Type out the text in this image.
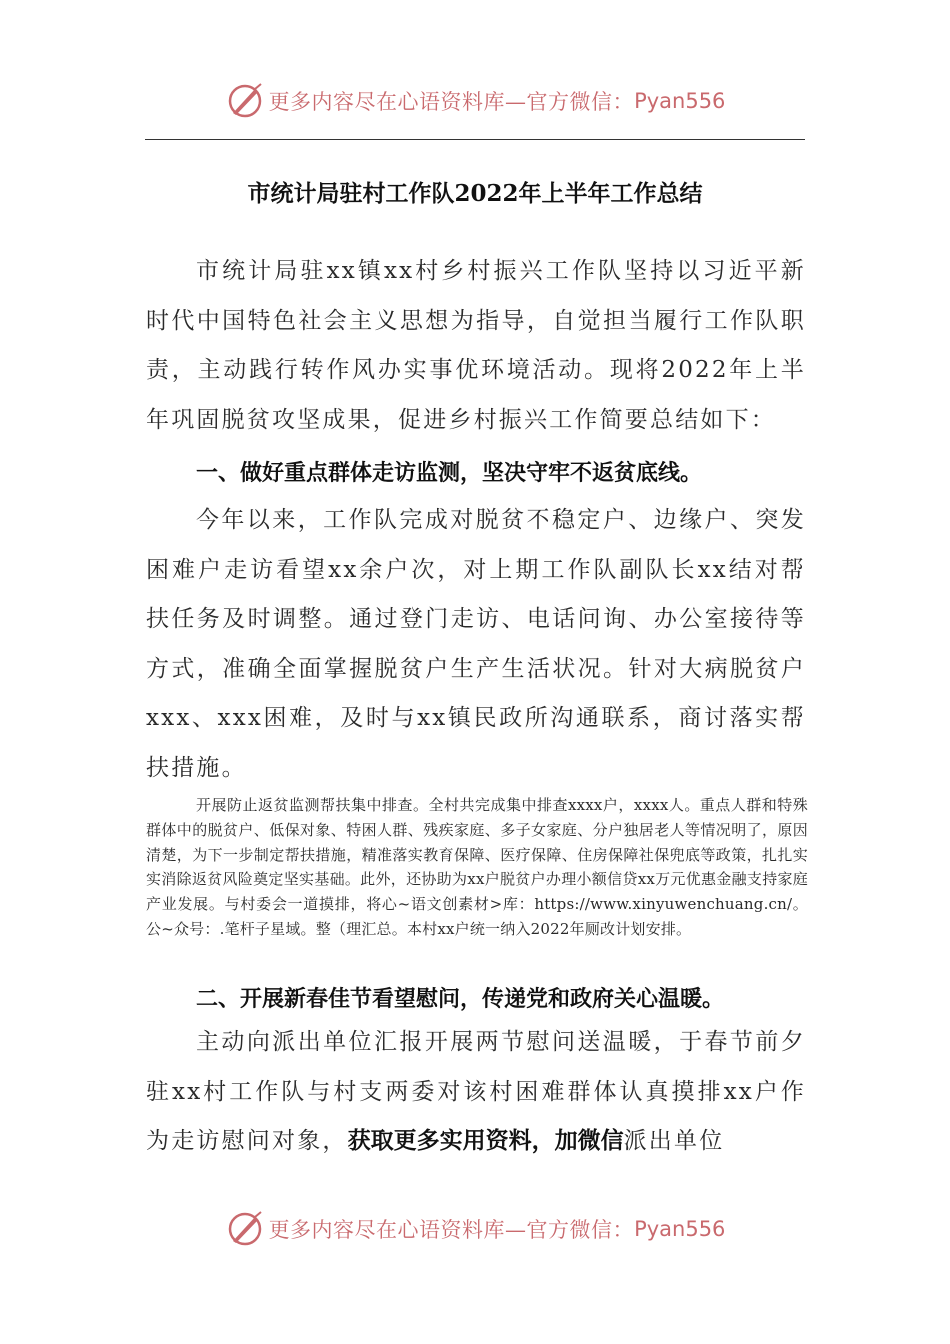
更多内容尽在心语资料库—官方微信： Pyan556
市统计局驻村工作队2022年上半年工作总结
市统计局驻xx镇xx村乡村振兴工作队坚持以习近平新时代中国特色社会主义思想为指导，自觉担当履行工作队职责，主动践行转作风办实事优环境活动。现将2022年上半年巩固脱贫攻坚成果，促进乡村振兴工作简要总结如下：
一、做好重点群体走访监测，坚决守牢不返贫底线。
今年以来，工作队完成对脱贫不稳定户、边缘户、突发困难户走访看望xx余户次，对上期工作队副队长xx结对帮扶任务及时调整。通过登门走访、电话问询、办公室接待等方式，准确全面掌握脱贫户生产生活状况。针对大病脱贫户xxx、xxx困难，及时与xx镇民政所沟通联系，商讨落实帮扶措施。
开展防止返贫监测帮扶集中排查。全村共完成集中排查xxxx户，xxxx人。重点人群和特殊群体中的脱贫户、低保对象、特困人群、残疾家庭、多子女家庭、分户独居老人等情况明了，原因清楚，为下一步制定帮扶措施，精准落实教育保障、医疗保障、住房保障社保兜底等政策，扎扎实实消除返贫风险奠定坚实基础。此外，还协助为xx户脱贫户办理小额信贷xx万元优惠金融支持家庭产业发展。与村委会一道摸排，将心~语文创素材>库：https://www.xinyuwenchuang.cn/。公~众号：.笔杆子星域。整（理汇总。本村xx户统一纳入2022年厕改计划安排。
二、开展新春佳节看望慰问，传递党和政府关心温暖。
主动向派出单位汇报开展两节慰问送温暖，于春节前夕驻xx村工作队与村支两委对该村困难群体认真摸排xx户作为走访慰问对象，获取更多实用资料，加微信派出单位
更多内容尽在心语资料库—官方微信： Pyan556
